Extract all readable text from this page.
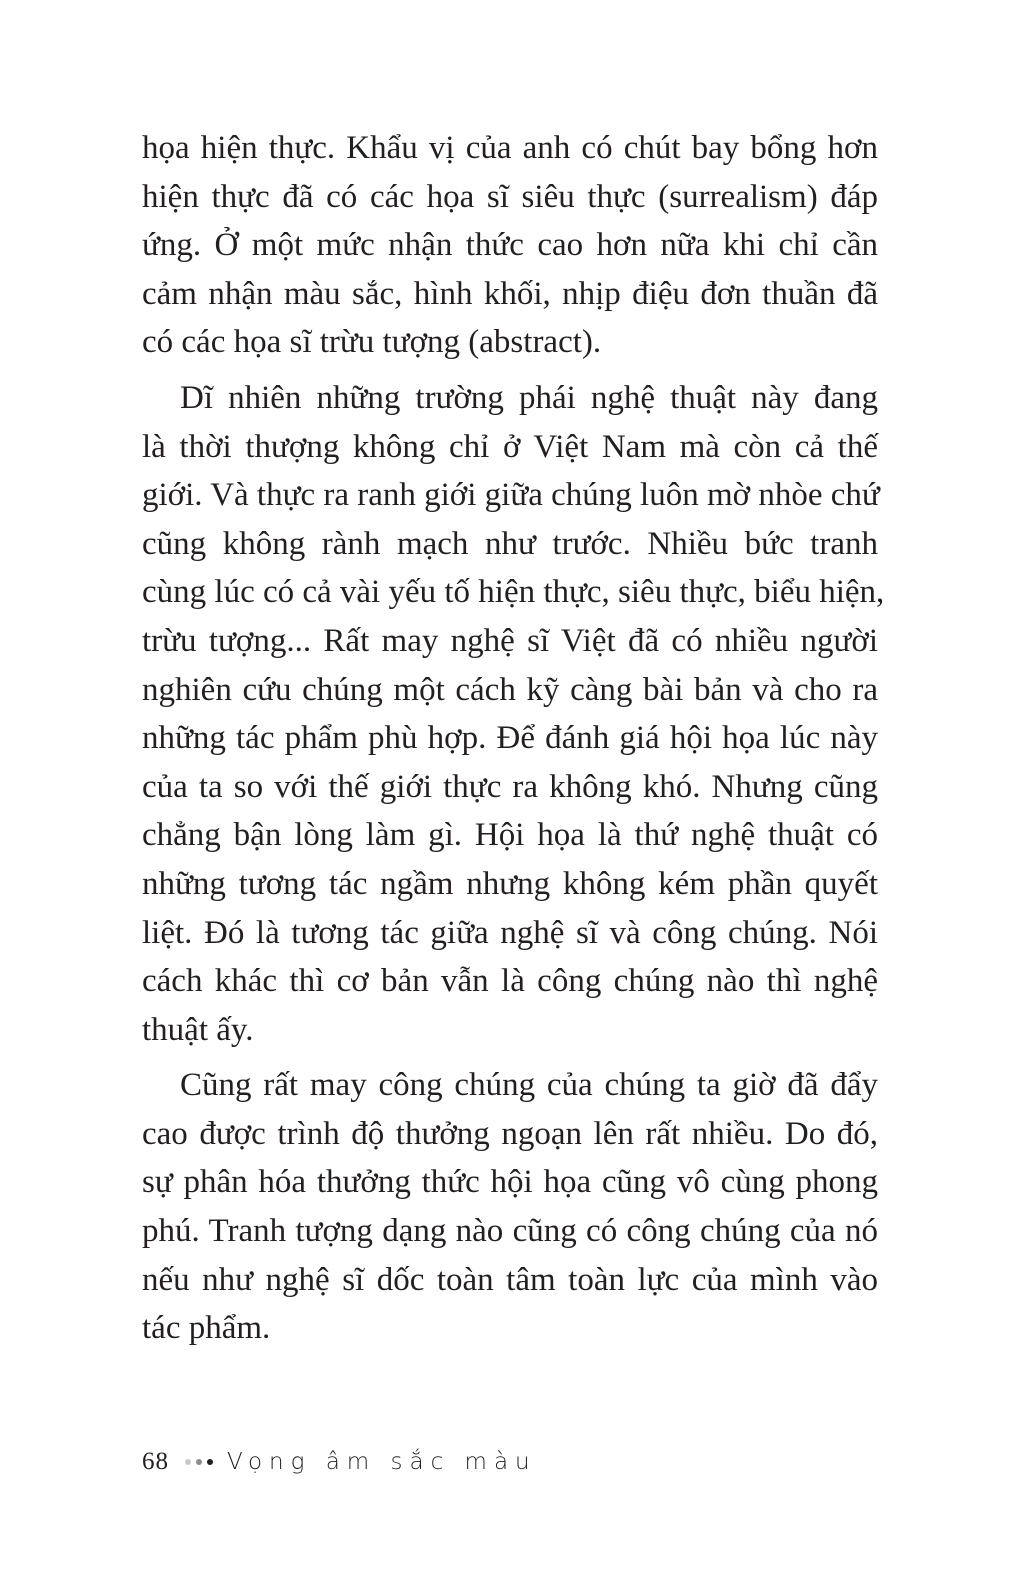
họa hiện thực. Khẩu vị của anh có chút bay bổng hơn
hiện thực đã có các họa sĩ siêu thực (surrealism) đáp
ứng. Ở một mức nhận thức cao hơn nữa khi chỉ cần
cảm nhận màu sắc, hình khối, nhịp điệu đơn thuần đã
có các họa sĩ trừu tượng (abstract).
Dĩ nhiên những trường phái nghệ thuật này đang
là thời thượng không chỉ ở Việt Nam mà còn cả thế
giới. Và thực ra ranh giới giữa chúng luôn mờ nhòe chứ
cũng không rành mạch như trước. Nhiều bức tranh
cùng lúc có cả vài yếu tố hiện thực, siêu thực, biểu hiện,
trừu tượng... Rất may nghệ sĩ Việt đã có nhiều người
nghiên cứu chúng một cách kỹ càng bài bản và cho ra
những tác phẩm phù hợp. Để đánh giá hội họa lúc này
của ta so với thế giới thực ra không khó. Nhưng cũng
chẳng bận lòng làm gì. Hội họa là thứ nghệ thuật có
những tương tác ngầm nhưng không kém phần quyết
liệt. Đó là tương tác giữa nghệ sĩ và công chúng. Nói
cách khác thì cơ bản vẫn là công chúng nào thì nghệ
thuật ấy.
Cũng rất may công chúng của chúng ta giờ đã đẩy
cao được trình độ thưởng ngoạn lên rất nhiều. Do đó,
sự phân hóa thưởng thức hội họa cũng vô cùng phong
phú. Tranh tượng dạng nào cũng có công chúng của nó
nếu như nghệ sĩ dốc toàn tâm toàn lực của mình vào
tác phẩm.
68	Vọng âm sắc màu
